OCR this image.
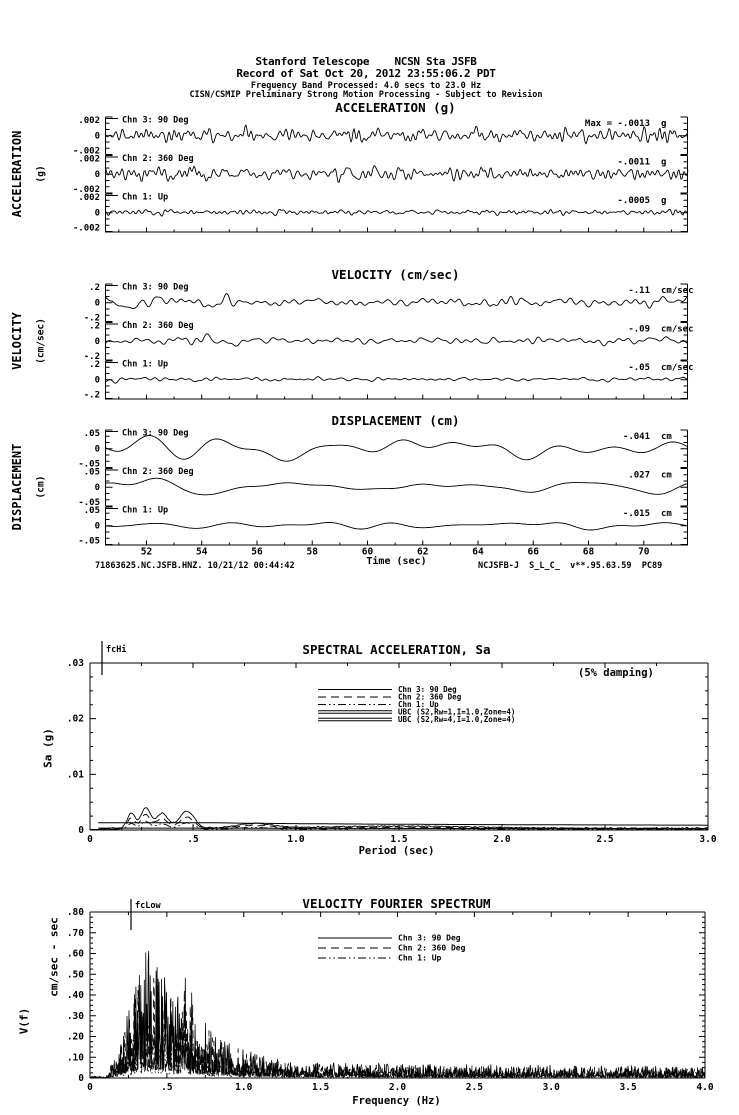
Stanford Telescope    NCSN Sta JSFB
Record of Sat Oct 20, 2012 23:55:06.2 PDT
Frequency Band Processed: 4.0 secs to 23.0 Hz
CISN/CSMIP Preliminary Strong Motion Processing - Subject to Revision
ACCELERATION (g)
VELOCITY (cm/sec)
DISPLACEMENT (cm)
SPECTRAL ACCELERATION, Sa
VELOCITY FOURIER SPECTRUM
ACCELERATION (g)
VELOCITY (cm/sec)
DISPLACEMENT (cm)
Sa (g)
cm/sec - sec
V(f)
Time (sec)
71863625.NC.JSFB.HNZ. 10/21/12 00:44:42	NCJSFB-J  S_L_C_  v**.95.63.59  PC89
fcHi
(5% damping)
Period (sec)
fcLow
Frequency (Hz)
Chn 3: 90 Deg
.002
0
-.002
Max = -.0013 g
Chn 2: 360 Deg
.002
0
-.002
-.0011 g
Chn 1: Up
.002
0
-.002
-.0005 g
Chn 3: 90 Deg
.2
0
-.2
-.11 cm/sec
Chn 2: 360 Deg
.2
0
-.2
-.09 cm/sec
Chn 1: Up
.2
0
-.2
-.05 cm/sec
Chn 3: 90 Deg
.05
0
-.05
-.041 cm
Chn 2: 360 Deg
.05
0
-.05
.027 cm
Chn 1: Up
.05
0
-.05
-.015 cm
52	54	56	58	60	62	64	66	68	70
.03
.02
.01
0
0	.5	1.0	1.5	2.0	2.5	3.0
Chn 3: 90 Deg
Chn 2: 360 Deg
Chn 1: Up
UBC (S2,Rw=1,I=1.0,Zone=4)
UBC (S2,Rw=4,I=1.0,Zone=4)
.80
.70
.60
.50
.40
.30
.20
.10
0
0	.5	1.0	1.5	2.0	2.5	3.0	3.5	4.0
Chn 3: 90 Deg
Chn 2: 360 Deg
Chn 1: Up
